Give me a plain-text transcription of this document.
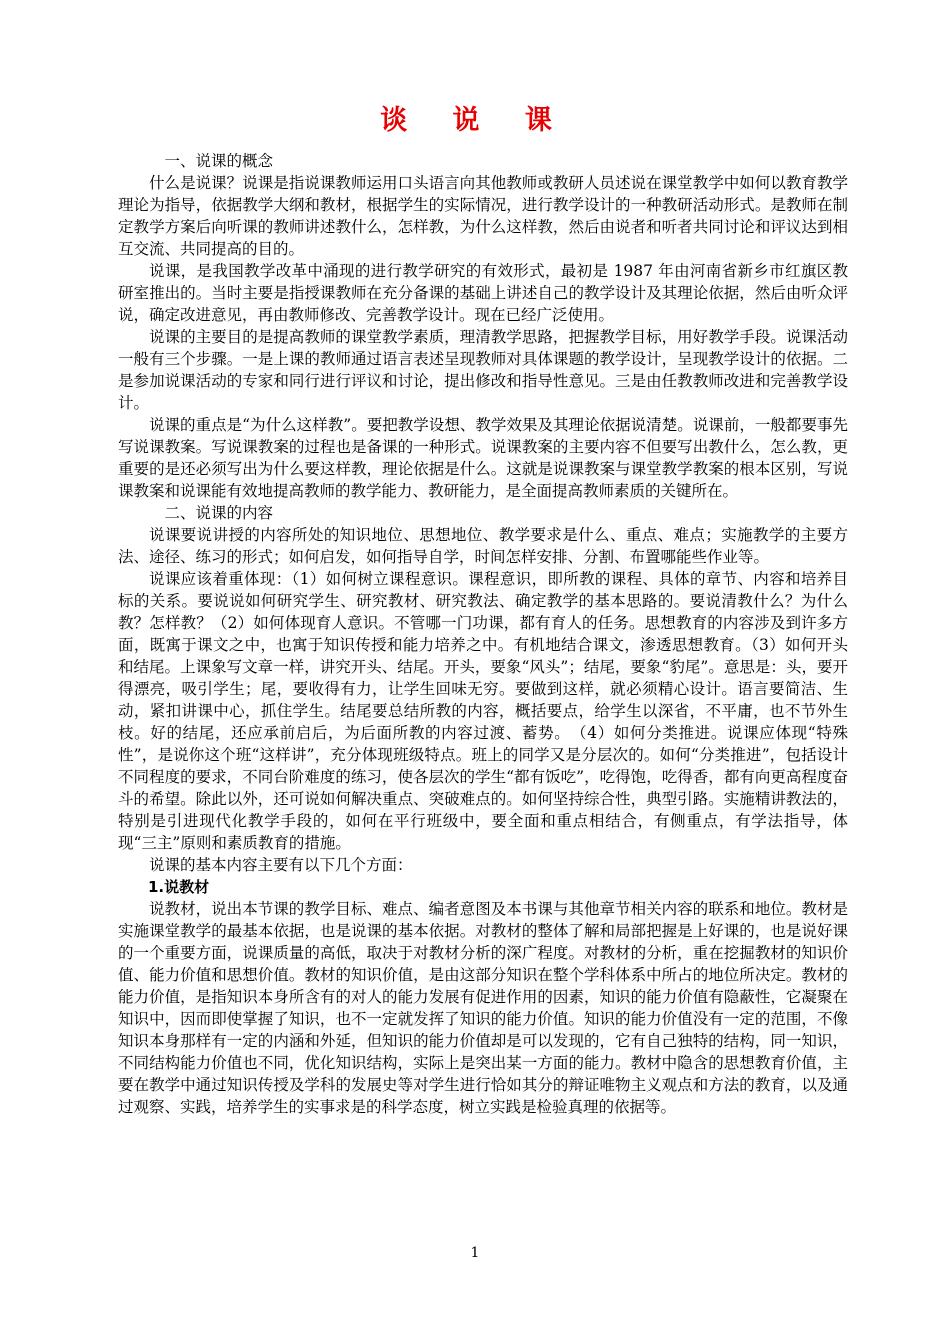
谈 说 课

一、说课的概念

什么是说课？说课是指说课教师运用口头语言向其他教师或教研人员述说在课堂教学中如何以教育教学理论为指导，依据教学大纲和教材，根据学生的实际情况，进行教学设计的一种教研活动形式。是教师在制定教学方案后向听课的教师讲述教什么，怎样教，为什么这样教，然后由说者和听者共同讨论和评议达到相互交流、共同提高的目的。

说课，是我国教学改革中涌现的进行教学研究的有效形式，最初是 1987 年由河南省新乡市红旗区教研室推出的。当时主要是指授课教师在充分备课的基础上讲述自己的教学设计及其理论依据，然后由听众评说，确定改进意见，再由教师修改、完善教学设计。现在已经广泛使用。

说课的主要目的是提高教师的课堂教学素质，理清教学思路，把握教学目标，用好教学手段。说课活动一般有三个步骤。一是上课的教师通过语言表述呈现教师对具体课题的教学设计，呈现教学设计的依据。二是参加说课活动的专家和同行进行评议和讨论，提出修改和指导性意见。三是由任教教师改进和完善教学设计。

说课的重点是“为什么这样教”。要把教学设想、教学效果及其理论依据说清楚。说课前，一般都要事先写说课教案。写说课教案的过程也是备课的一种形式。说课教案的主要内容不但要写出教什么，怎么教，更重要的是还必须写出为什么要这样教，理论依据是什么。这就是说课教案与课堂教学教案的根本区别，写说课教案和说课能有效地提高教师的教学能力、教研能力，是全面提高教师素质的关键所在。

二、说课的内容

说课要说讲授的内容所处的知识地位、思想地位、教学要求是什么、重点、难点；实施教学的主要方法、途径、练习的形式；如何启发，如何指导自学，时间怎样安排、分割、布置哪能些作业等。

说课应该着重体现：（1）如何树立课程意识。课程意识，即所教的课程、具体的章节、内容和培养目标的关系。要说说如何研究学生、研究教材、研究教法、确定教学的基本思路的。要说清教什么？为什么教？怎样教？（2）如何体现育人意识。不管哪一门功课，都有育人的任务。思想教育的内容涉及到许多方面，既寓于课文之中，也寓于知识传授和能力培养之中。有机地结合课文，渗透思想教育。（3）如何开头和结尾。上课象写文章一样，讲究开头、结尾。开头，要象“风头”；结尾，要象“豹尾”。意思是：头，要开得漂亮，吸引学生；尾，要收得有力，让学生回味无穷。要做到这样，就必须精心设计。语言要简洁、生动，紧扣讲课中心，抓住学生。结尾要总结所教的内容，概括要点，给学生以深省，不平庸，也不节外生枝。好的结尾，还应承前启后，为后面所教的内容过渡、蓄势。　（4）如何分类推进。说课应体现“特殊性”，是说你这个班“这样讲”，充分体现班级特点。班上的同学又是分层次的。如何“分类推进”，包括设计不同程度的要求，不同台阶难度的练习，使各层次的学生“都有饭吃”，吃得饱，吃得香，都有向更高程度奋斗的希望。除此以外，还可说如何解决重点、突破难点的。如何坚持综合性，典型引路。实施精讲教法的，特别是引进现代化教学手段的，如何在平行班级中，要全面和重点相结合，有侧重点，有学法指导，体现“三主”原则和素质教育的措施。

说课的基本内容主要有以下几个方面：

1.说教材

说教材，说出本节课的教学目标、难点、编者意图及本书课与其他章节相关内容的联系和地位。教材是实施课堂教学的最基本依据，也是说课的基本依据。对教材的整体了解和局部把握是上好课的，也是说好课的一个重要方面，说课质量的高低，取决于对教材分析的深广程度。对教材的分析，重在挖掘教材的知识价值、能力价值和思想价值。教材的知识价值，是由这部分知识在整个学科体系中所占的地位所决定。教材的能力价值，是指知识本身所含有的对人的能力发展有促进作用的因素，知识的能力价值有隐蔽性，它凝聚在知识中，因而即使掌握了知识，也不一定就发挥了知识的能力价值。知识的能力价值没有一定的范围，不像知识本身那样有一定的内涵和外延，但知识的能力价值却是可以发现的，它有自己独特的结构，同一知识，不同结构能力价值也不同，优化知识结构，实际上是突出某一方面的能力。教材中隐含的思想教育价值，主要在教学中通过知识传授及学科的发展史等对学生进行恰如其分的辩证唯物主义观点和方法的教育，以及通过观察、实践，培养学生的实事求是的科学态度，树立实践是检验真理的依据等。

1
